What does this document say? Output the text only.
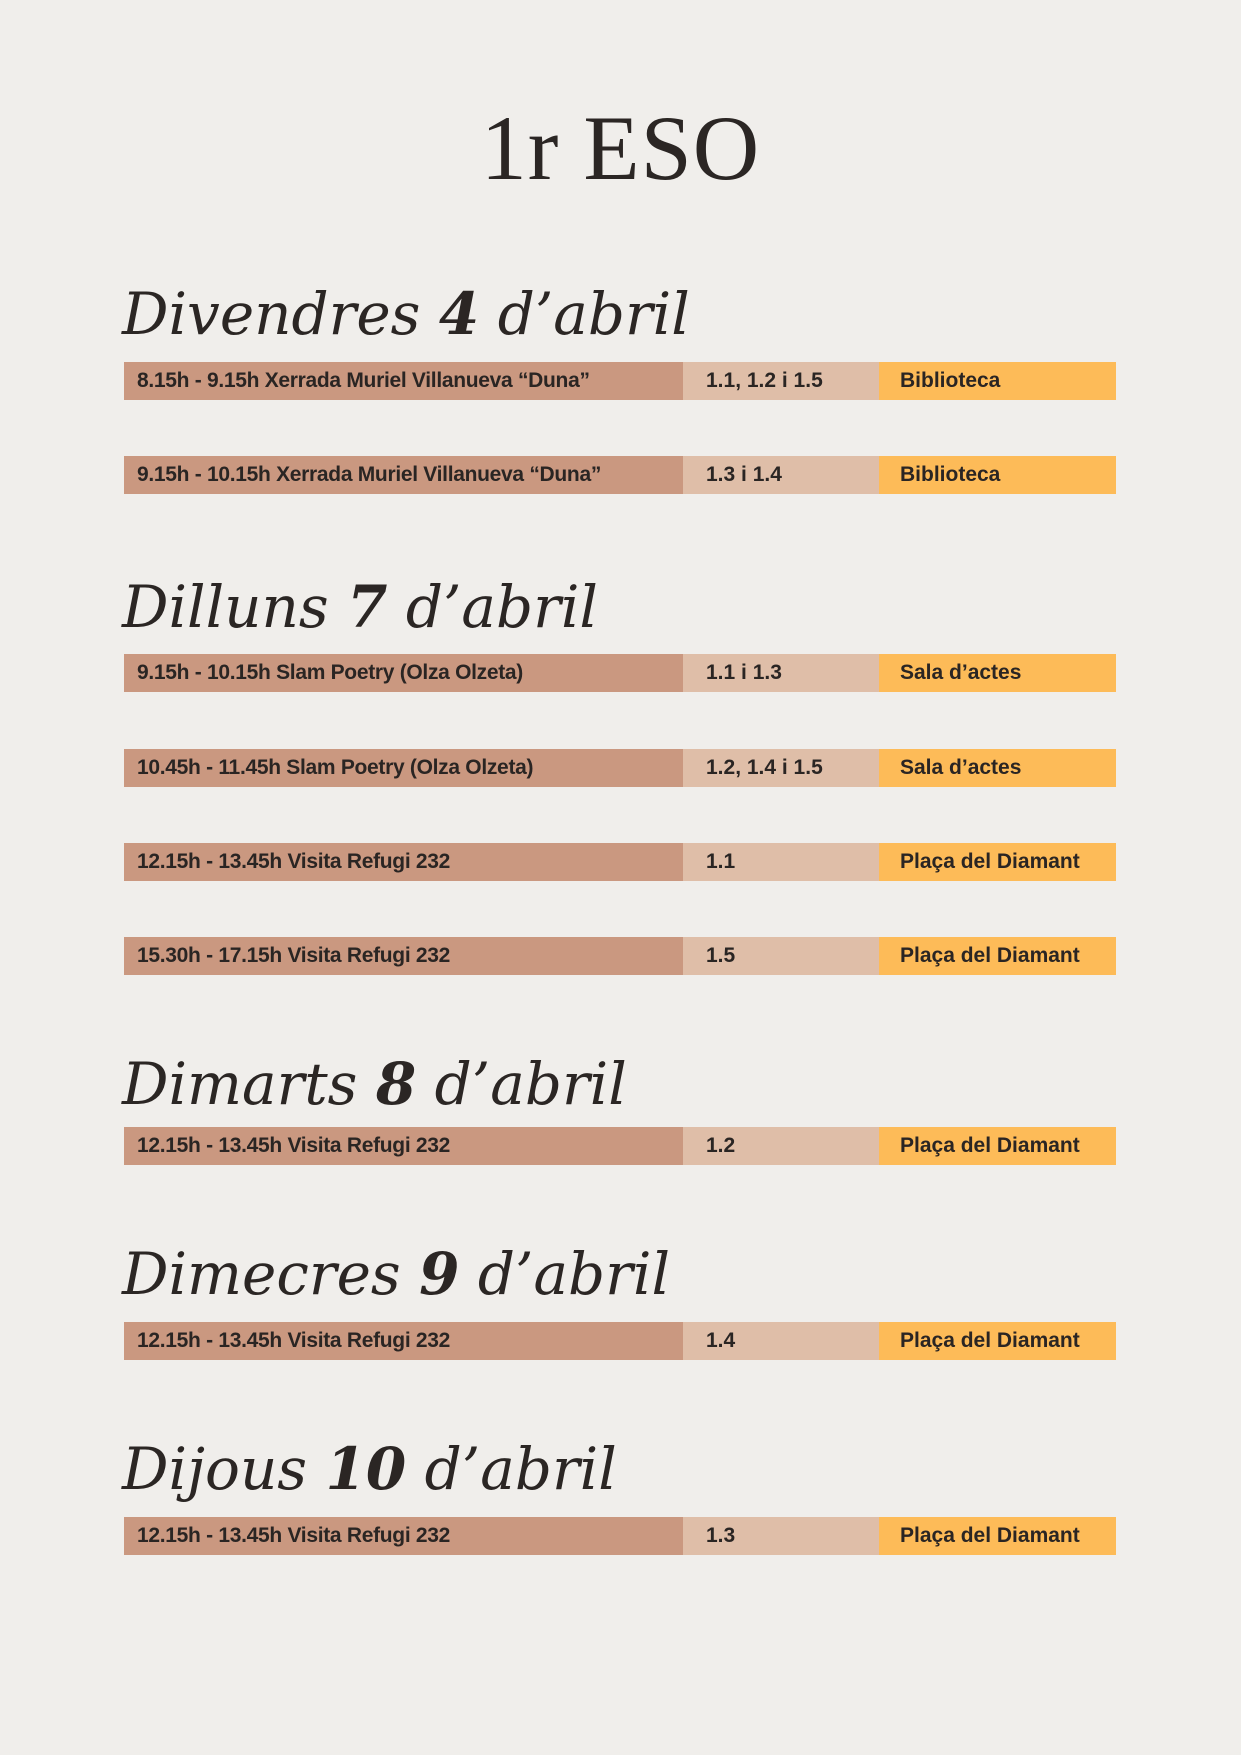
1r ESO
Divendres 4 d’abril
8.15h - 9.15h Xerrada Muriel Villanueva “Duna”	1.1, 1.2 i 1.5	Biblioteca
9.15h - 10.15h Xerrada Muriel Villanueva “Duna”	1.3 i 1.4	Biblioteca
Dilluns 7 d’abril
9.15h - 10.15h Slam Poetry (Olza Olzeta)	1.1 i 1.3	Sala d’actes
10.45h - 11.45h Slam Poetry (Olza Olzeta)	1.2, 1.4 i 1.5	Sala d’actes
12.15h - 13.45h Visita Refugi 232	1.1	Plaça del Diamant
15.30h - 17.15h Visita Refugi 232	1.5	Plaça del Diamant
Dimarts 8 d’abril
12.15h - 13.45h Visita Refugi 232	1.2	Plaça del Diamant
Dimecres 9 d’abril
12.15h - 13.45h Visita Refugi 232	1.4	Plaça del Diamant
Dijous 10 d’abril
12.15h - 13.45h Visita Refugi 232	1.3	Plaça del Diamant
